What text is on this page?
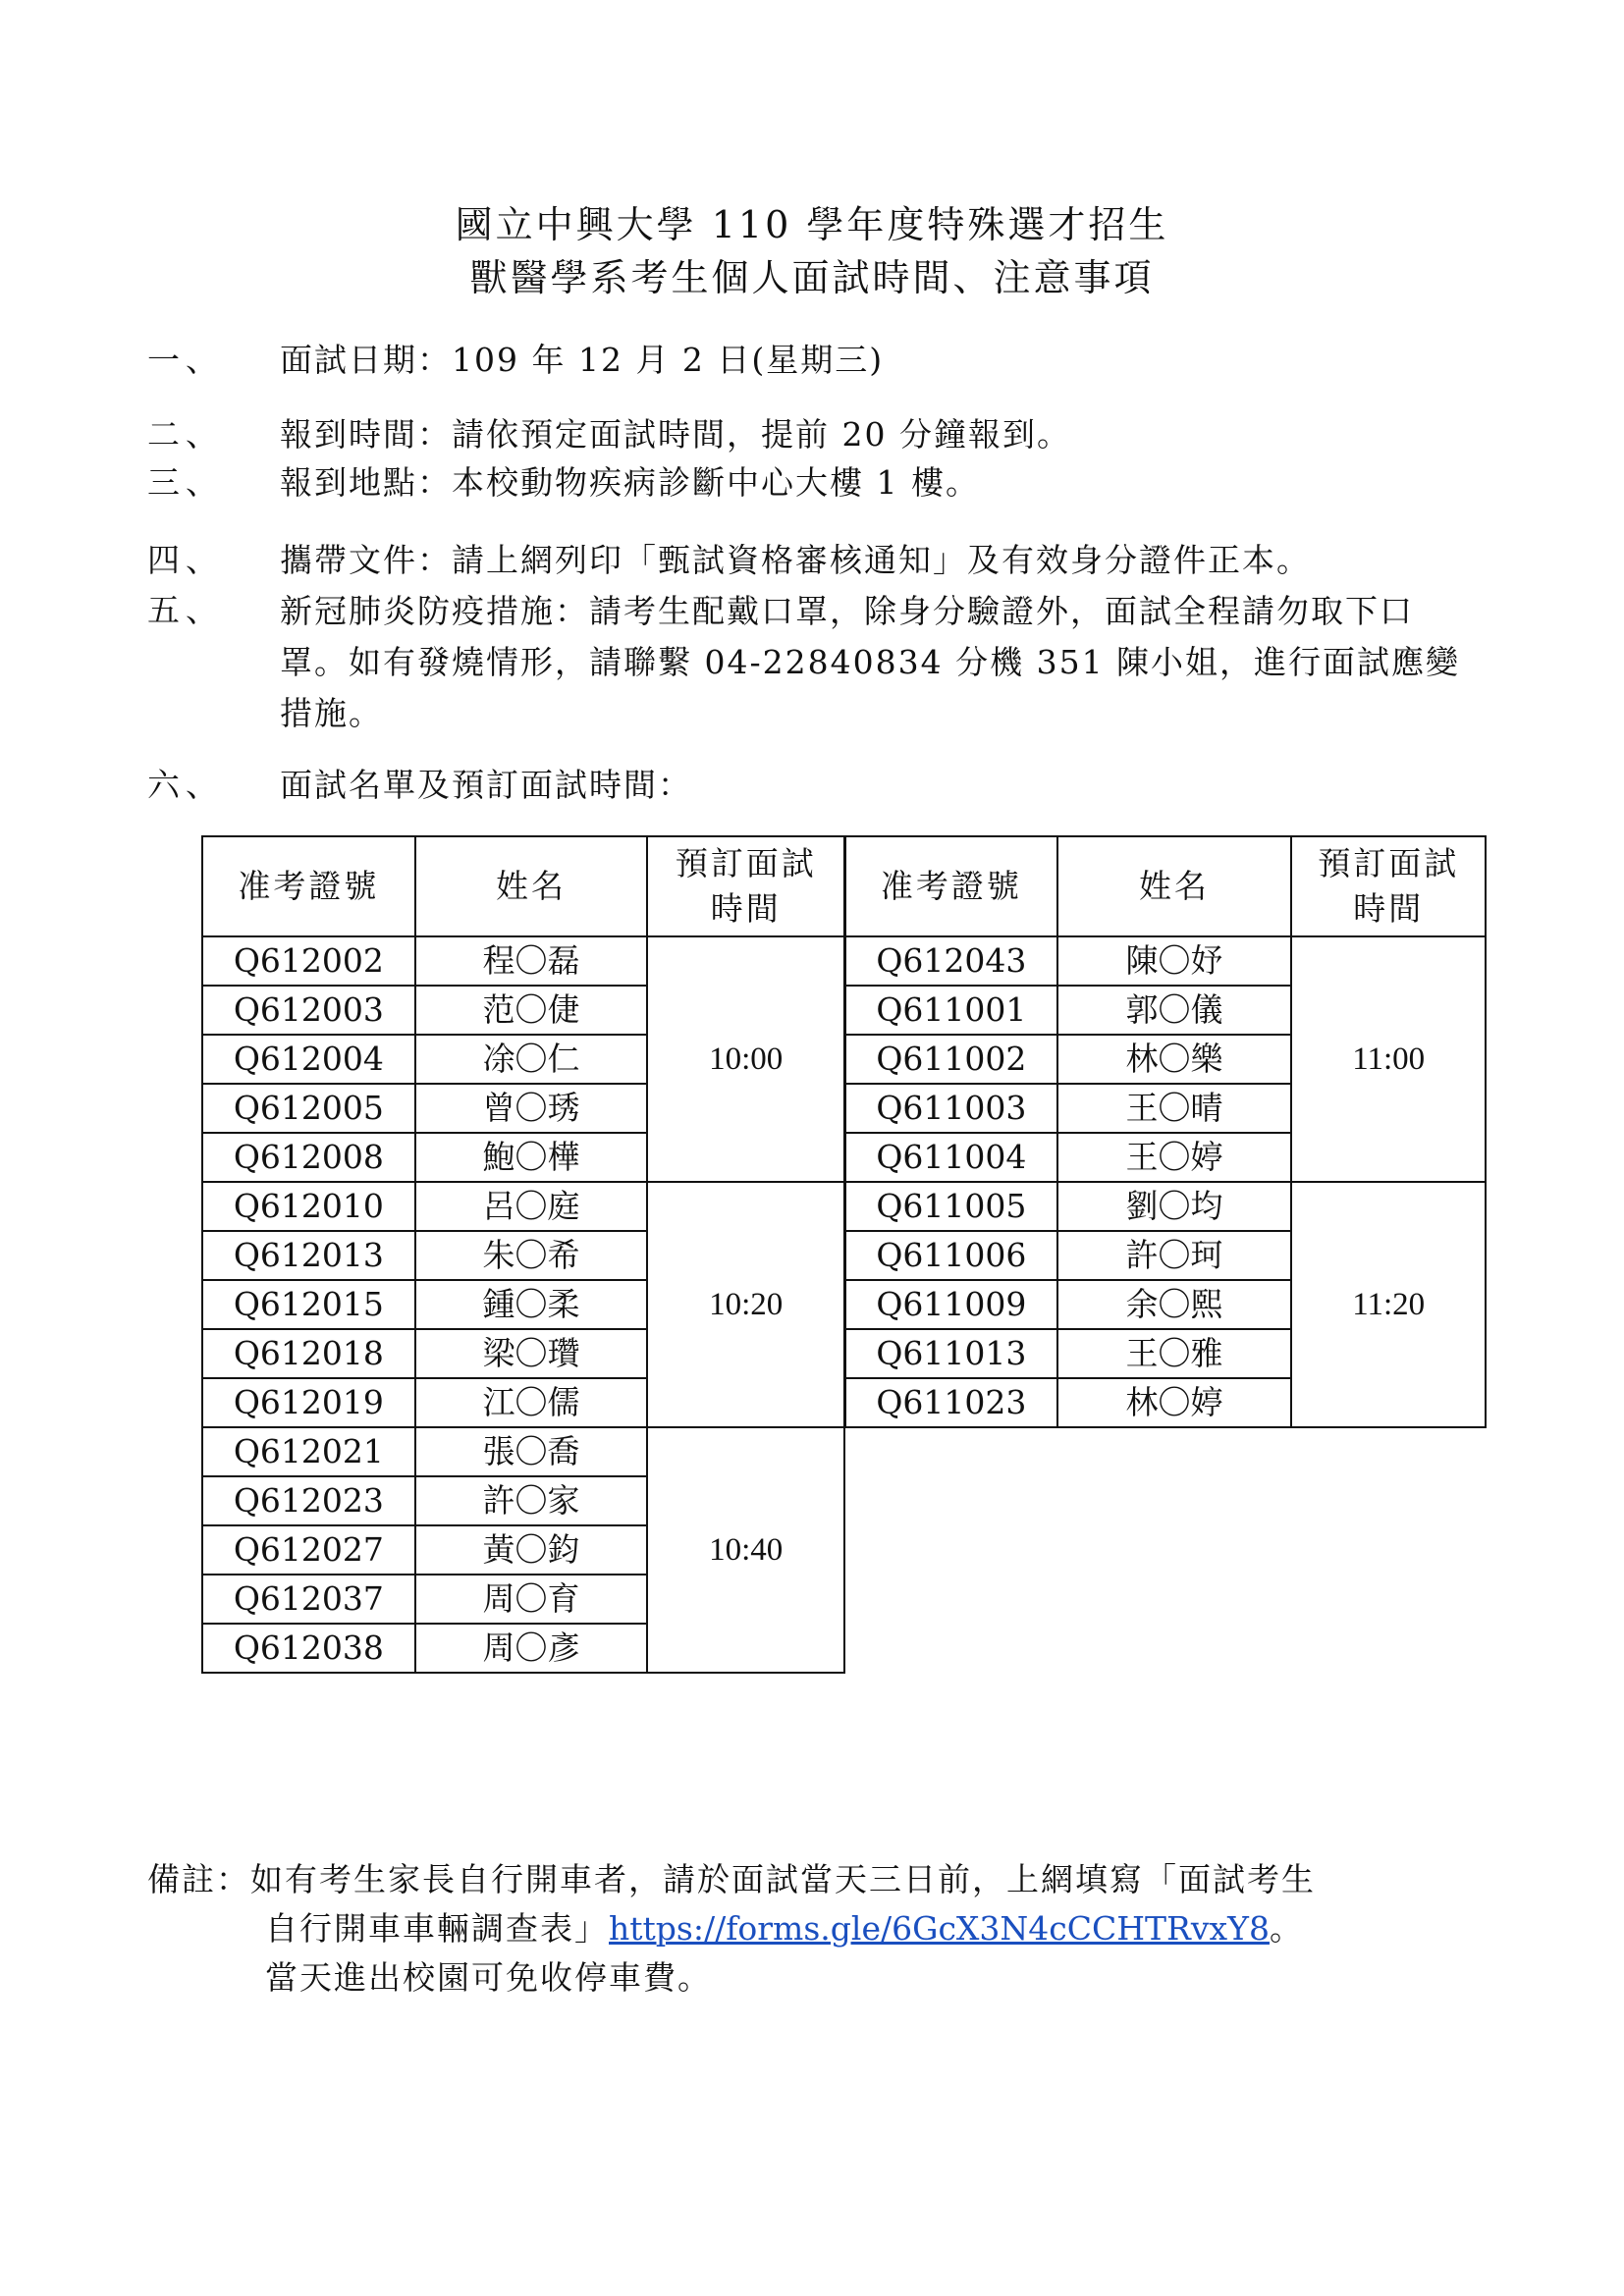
國立中興大學 110 學年度特殊選才招生
獸醫學系考生個人面試時間、注意事項
一、 面試日期：109 年 12 月 2 日(星期三)
二、 報到時間：請依預定面試時間，提前 20 分鐘報到。
三、 報到地點：本校動物疾病診斷中心大樓 1 樓。
四、 攜帶文件：請上網列印「甄試資格審核通知」及有效身分證件正本。
五、 新冠肺炎防疫措施：請考生配戴口罩，除身分驗證外，面試全程請勿取下口罩。如有發燒情形，請聯繫 04-22840834 分機 351 陳小姐，進行面試應變措施。
六、 面試名單及預訂面試時間：
准考證號	姓名	預訂面試
時間
Q612002	程〇磊	10:00
Q612003	范〇倢	
Q612004	凃〇仁	
Q612005	曾〇琇	
Q612008	鮑〇樺	
Q612010	呂〇庭	10:20
Q612013	朱〇希	
Q612015	鍾〇柔	
Q612018	梁〇瓚	
Q612019	江〇儒	
Q612021	張〇喬	10:40
Q612023	許〇家	
Q612027	黃〇鈞	
Q612037	周〇育	
Q612038	周〇彥	
准考證號	姓名	預訂面試
時間
Q612043	陳〇妤	11:00
Q611001	郭〇儀	
Q611002	林〇樂	
Q611003	王〇晴	
Q611004	王〇婷	
Q611005	劉〇均	11:20
Q611006	許〇珂	
Q611009	余〇熙	
Q611013	王〇雅	
Q611023	林〇婷	
備註：如有考生家長自行開車者，請於面試當天三日前，上網填寫「面試考生
自行開車車輛調查表」https://forms.gle/6GcX3N4cCCHTRvxY8。
當天進出校園可免收停車費。
